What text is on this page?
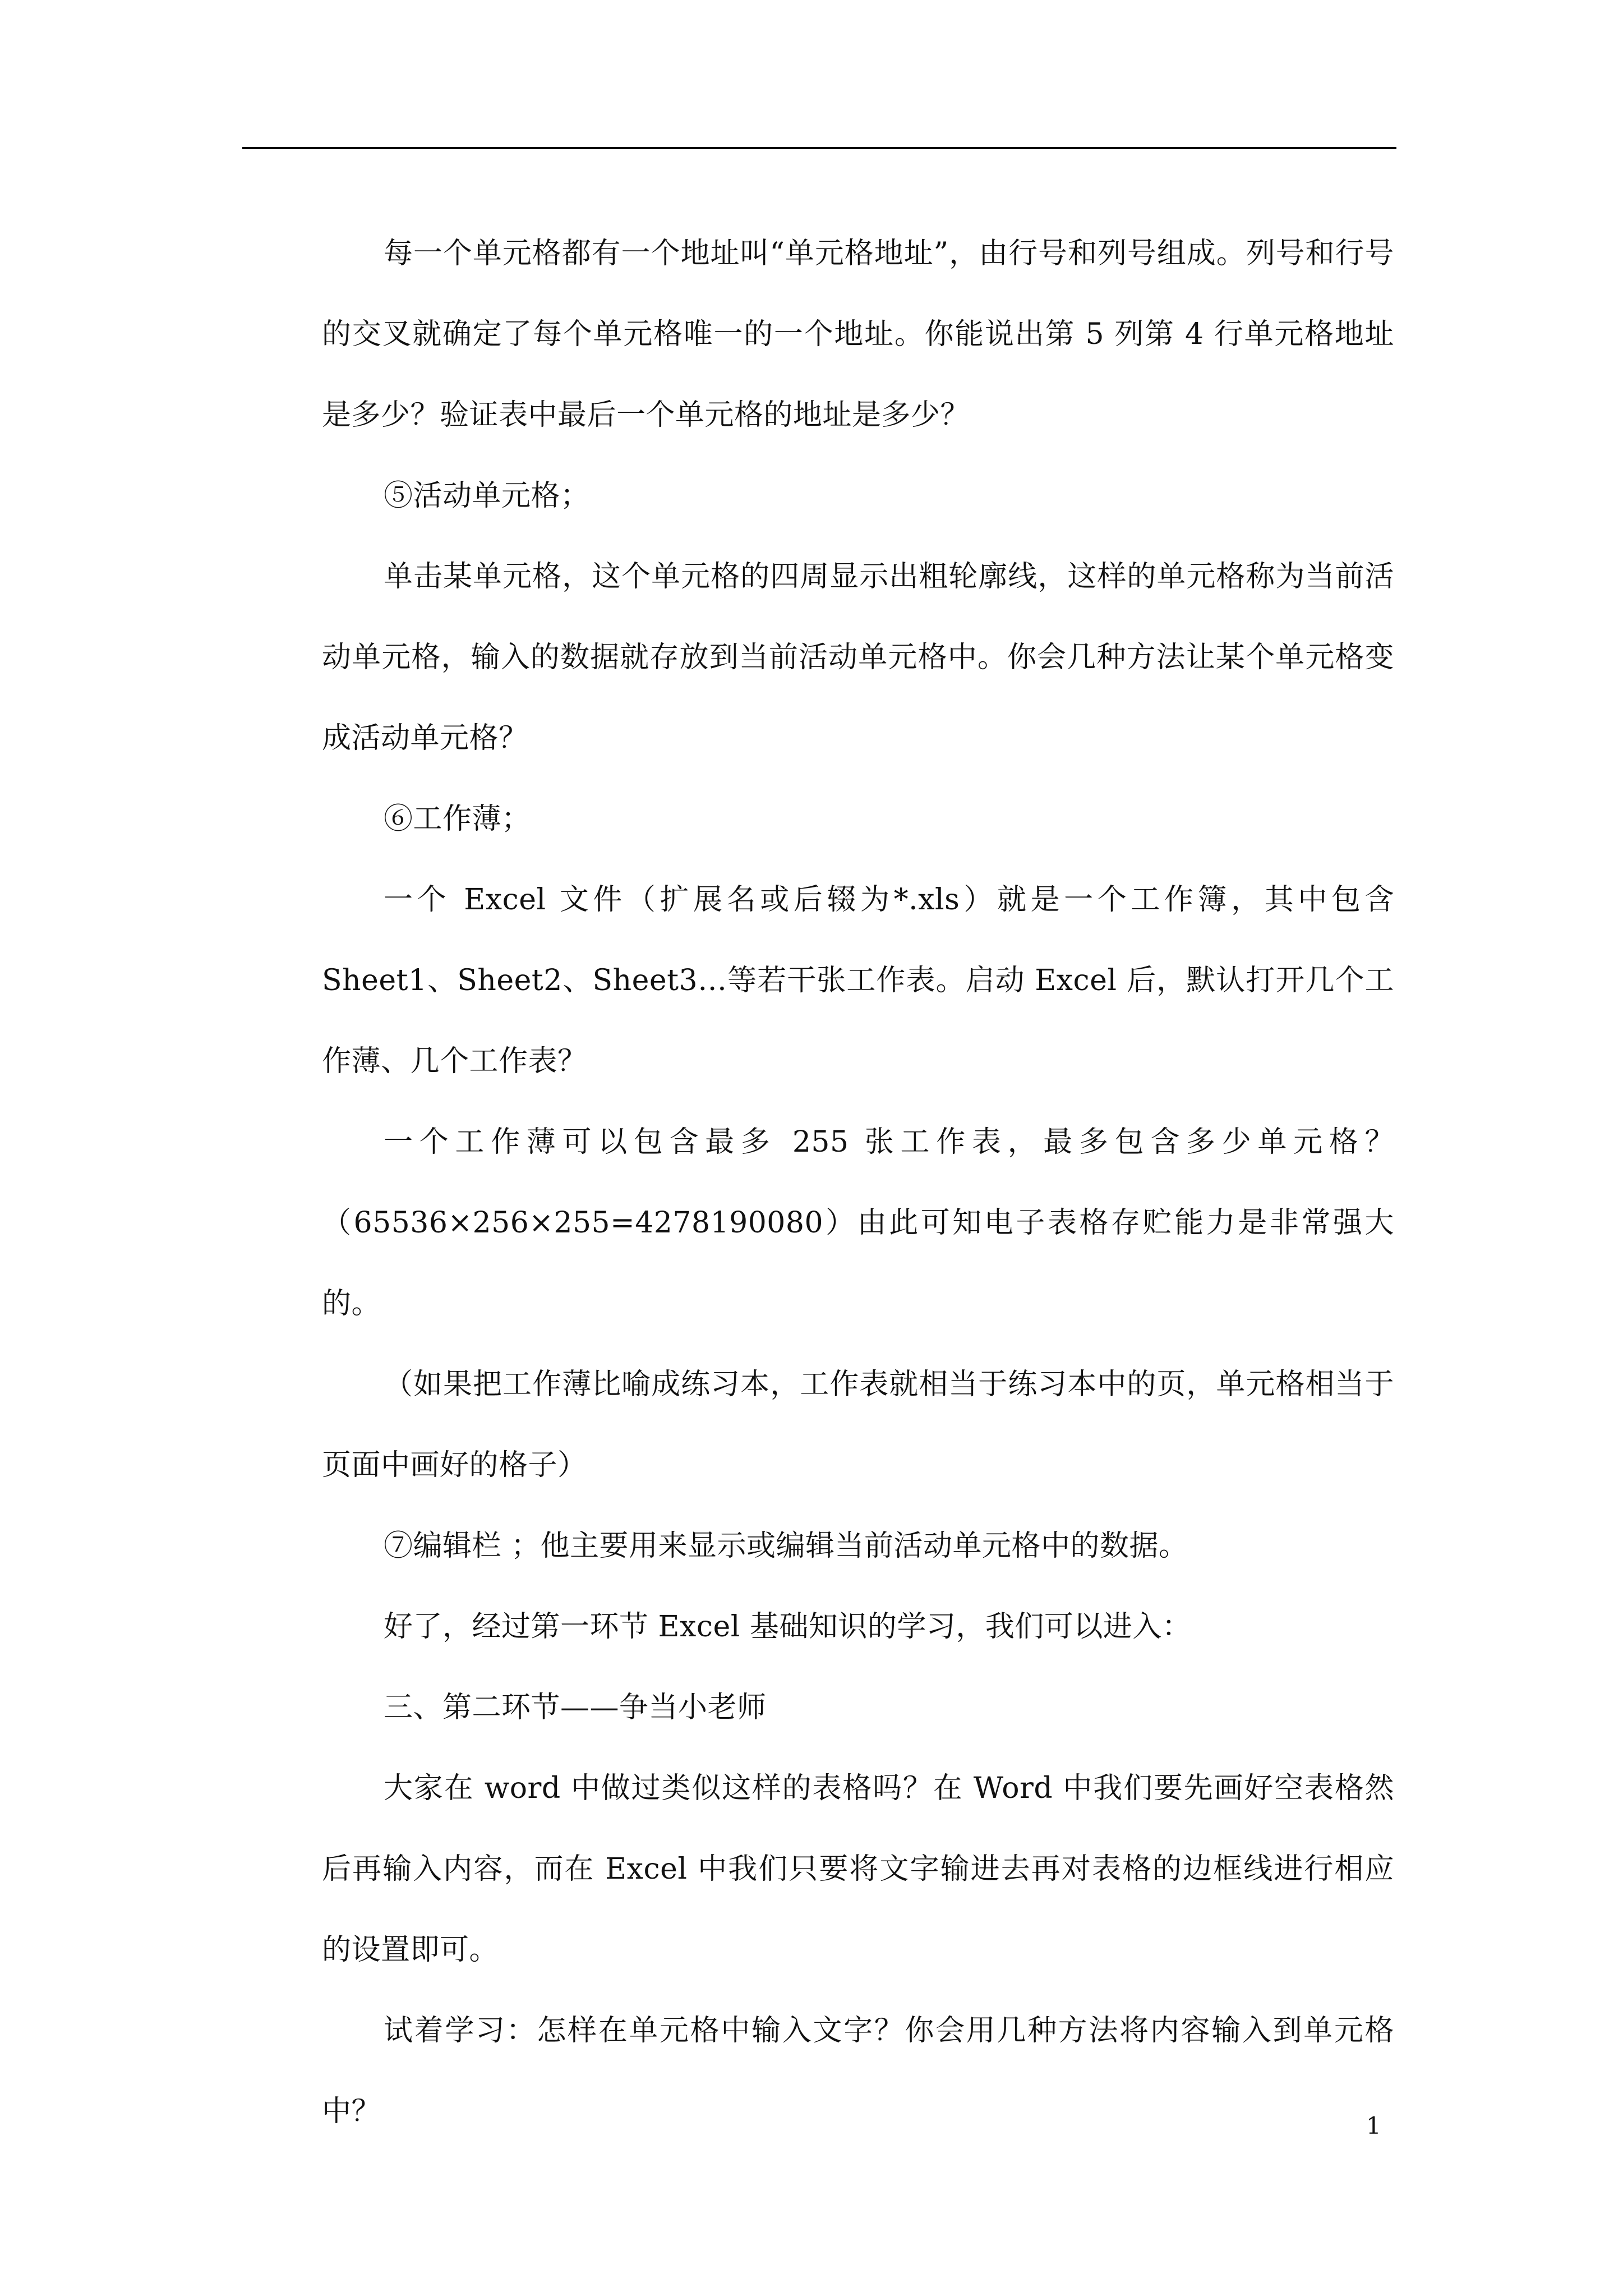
每一个单元格都有一个地址叫“单元格地址”，由行号和列号组成。列号和行号的交叉就确定了每个单元格唯一的一个地址。你能说出第 5 列第 4 行单元格地址是多少？验证表中最后一个单元格的地址是多少？

⑤活动单元格；

单击某单元格，这个单元格的四周显示出粗轮廓线，这样的单元格称为当前活动单元格，输入的数据就存放到当前活动单元格中。你会几种方法让某个单元格变成活动单元格？

⑥工作薄；

一个 Excel 文件（扩展名或后辍为*.xls）就是一个工作簿，其中包含 Sheet1、Sheet2、Sheet3…等若干张工作表。启动 Excel 后，默认打开几个工作薄、几个工作表？

一个工作薄可以包含最多 255 张工作表，最多包含多少单元格？（65536×256×255=4278190080）由此可知电子表格存贮能力是非常强大的。

（如果把工作薄比喻成练习本，工作表就相当于练习本中的页，单元格相当于页面中画好的格子）

⑦编辑栏 ；他主要用来显示或编辑当前活动单元格中的数据。

好了，经过第一环节 Excel 基础知识的学习，我们可以进入：

三、第二环节——争当小老师

大家在 word 中做过类似这样的表格吗？在 Word 中我们要先画好空表格然后再输入内容，而在 Excel 中我们只要将文字输进去再对表格的边框线进行相应的设置即可。

试着学习：怎样在单元格中输入文字？你会用几种方法将内容输入到单元格中？	1
